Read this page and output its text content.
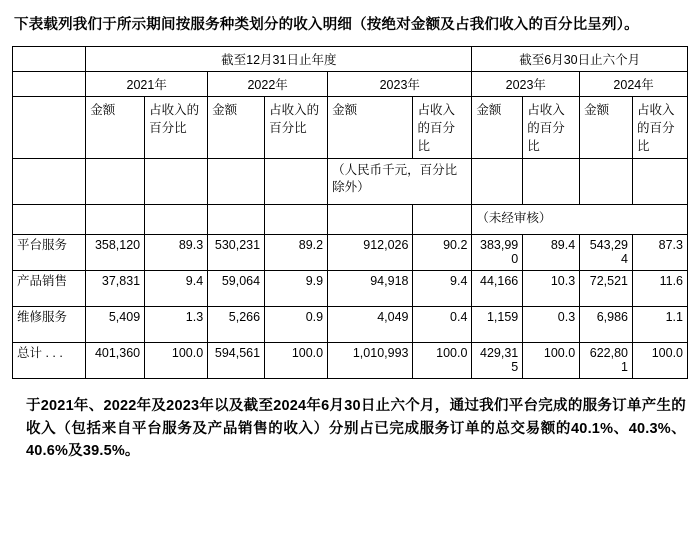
下表载列我们于所示期间按服务种类划分的收入明细（按绝对金额及占我们收入的百分比呈列）。
	截至12月31日止年度						截至6月30日止六个月			
	2021年		2022年		2023年		2023年		2024年	
	金额	占收入的百分比	金额	占收入的百分比	金额	占收入的百分比	金额	占收入的百分比	金额	占收入的百分比
					（人民币千元，百分比除外）					
							（未经审核）			
平台服务	358,120	89.3	530,231	89.2	912,026	90.2	383,990	89.4	543,294	87.3
产品销售	37,831	9.4	59,064	9.9	94,918	9.4	44,166	10.3	72,521	11.6
维修服务	5,409	1.3	5,266	0.9	4,049	0.4	1,159	0.3	6,986	1.1
总计 . . .	401,360	100.0	594,561	100.0	1,010,993	100.0	429,315	100.0	622,801	100.0
于2021年、2022年及2023年以及截至2024年6月30日止六个月，通过我们平台完成的服务订单产生的收入（包括来自平台服务及产品销售的收入）分别占已完成服务订单的总交易额的40.1%、40.3%、40.6%及39.5%。
